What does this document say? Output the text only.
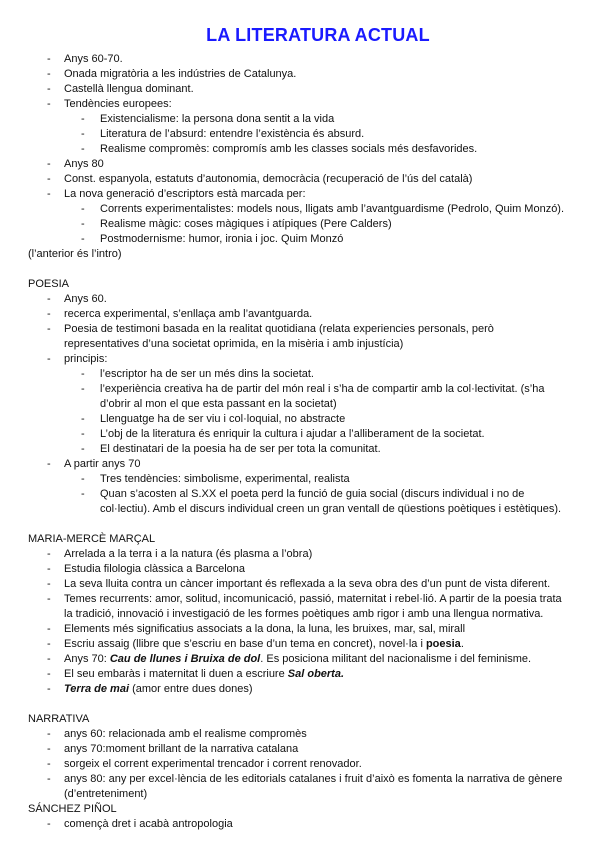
LA LITERATURA ACTUAL
- Anys 60-70.
- Onada migratòria a les indústries de Catalunya.
- Castellà llengua dominant.
- Tendències europees:
- Existencialisme: la persona dona sentit a la vida
- Literatura de l’absurd: entendre l’existència és absurd.
- Realisme compromès: compromís amb les classes socials més desfavorides.
- Anys 80
- Const. espanyola, estatuts d’autonomia, democràcia (recuperació de l’ús del català)
- La nova generació d’escriptors està marcada per:
- Corrents experimentalistes: models nous, lligats amb l’avantguardisme (Pedrolo, Quim Monzó).
- Realisme màgic: coses màgiques i atípiques (Pere Calders)
- Postmodernisme: humor, ironia i joc. Quim Monzó

(l’anterior és l’intro)

POESIA

- Anys 60.
- recerca experimental, s’enllaça amb l’avantguarda.
- Poesia de testimoni basada en la realitat quotidiana (relata experiencies personals, però
representatives d’una societat oprimida, en la misèria i amb injustícia)
- principis:
- l’escriptor ha de ser un més dins la societat.
- l’experiència creativa ha de partir del món real i s’ha de compartir amb la col·lectivitat. (s’ha
d’obrir al mon el que esta passant en la societat)
- Llenguatge ha de ser viu i col·loquial, no abstracte
- L’obj de la literatura és enriquir la cultura i ajudar a l’alliberament de la societat.
- El destinatari de la poesia ha de ser per tota la comunitat.
- A partir anys 70
- Tres tendències: simbolisme, experimental, realista
- Quan s’acosten al S.XX el poeta perd la funció de guia social (discurs individual i no de
col·lectiu). Amb el discurs individual creen un gran ventall de qüestions poètiques i estètiques).

MARIA-MERCÈ MARÇAL

- Arrelada a la terra i a la natura (és plasma a l’obra)
- Estudia filologia clàssica a Barcelona
- La seva lluita contra un càncer important és reflexada a la seva obra des d’un punt de vista diferent.
- Temes recurrents: amor, solitud, incomunicació, passió, maternitat i rebel·lió. A partir de la poesia trata
la tradició, innovació i investigació de les formes poètiques amb rigor i amb una llengua normativa.
- Elements més significatius associats a la dona, la luna, les bruixes, mar, sal, mirall
- Escriu assaig (llibre que s’escriu en base d’un tema en concret), novel·la i poesia.
- Anys 70: Cau de llunes i Bruixa de dol. Es posiciona militant del nacionalisme i del feminisme.
- El seu embaràs i maternitat li duen a escriure Sal oberta.
- Terra de mai (amor entre dues dones)

NARRATIVA

- anys 60: relacionada amb el realisme compromès
- anys 70:moment brillant de la narrativa catalana
- sorgeix el corrent experimental trencador i corrent renovador.
- anys 80: any per excel·lència de les editorials catalanes i fruit d’això es fomenta la narrativa de gènere
(d’entreteniment)

SÁNCHEZ PIÑOL

- començà dret i acabà antropologia
